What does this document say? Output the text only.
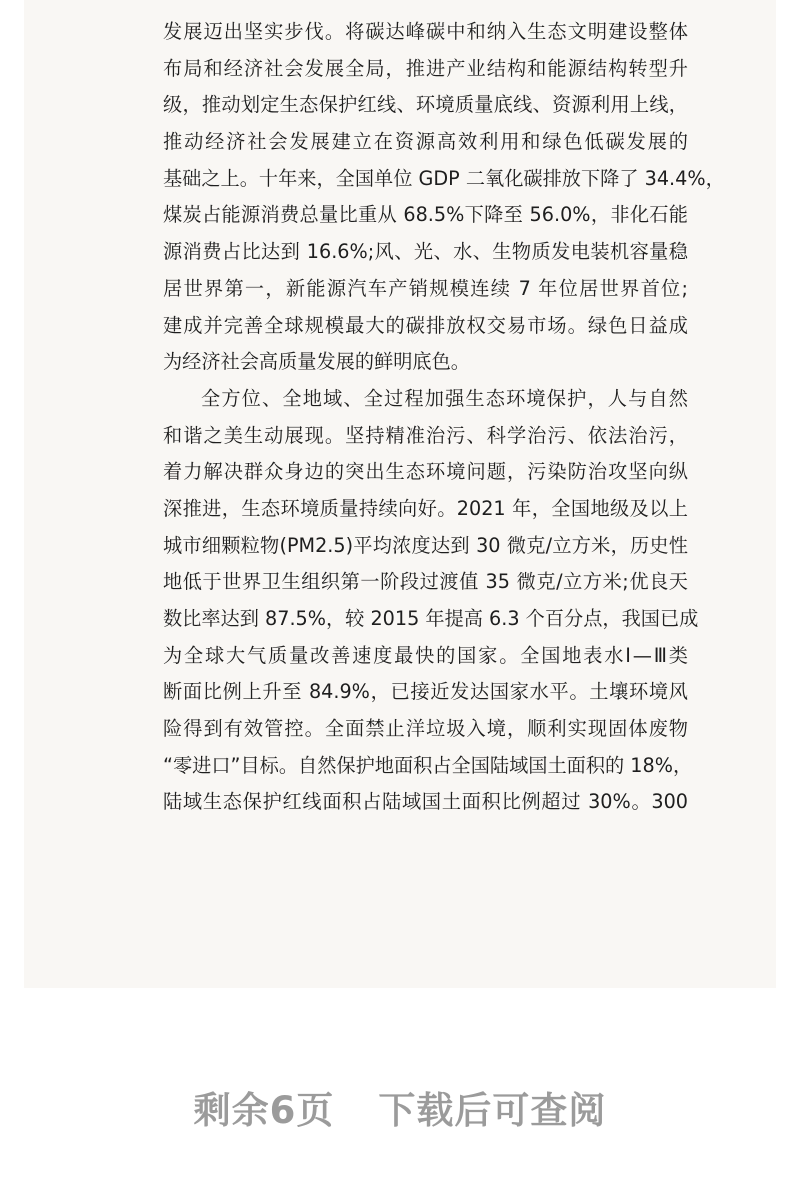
发展迈出坚实步伐。将碳达峰碳中和纳入生态文明建设整体
布局和经济社会发展全局，推进产业结构和能源结构转型升
级，推动划定生态保护红线、环境质量底线、资源利用上线，
推动经济社会发展建立在资源高效利用和绿色低碳发展的
基础之上。十年来，全国单位 GDP 二氧化碳排放下降了 34.4%，
煤炭占能源消费总量比重从 68.5%下降至 56.0%，非化石能
源消费占比达到 16.6%;风、光、水、生物质发电装机容量稳
居世界第一，新能源汽车产销规模连续 7 年位居世界首位;
建成并完善全球规模最大的碳排放权交易市场。绿色日益成
为经济社会高质量发展的鲜明底色。
全方位、全地域、全过程加强生态环境保护，人与自然
和谐之美生动展现。坚持精准治污、科学治污、依法治污，
着力解决群众身边的突出生态环境问题，污染防治攻坚向纵
深推进，生态环境质量持续向好。2021 年，全国地级及以上
城市细颗粒物(PM2.5)平均浓度达到 30 微克/立方米，历史性
地低于世界卫生组织第一阶段过渡值 35 微克/立方米;优良天
数比率达到 87.5%，较 2015 年提高 6.3 个百分点，我国已成
为全球大气质量改善速度最快的国家。全国地表水Ⅰ—Ⅲ类
断面比例上升至 84.9%，已接近发达国家水平。土壤环境风
险得到有效管控。全面禁止洋垃圾入境，顺利实现固体废物
“零进口”目标。自然保护地面积占全国陆域国土面积的 18%，
陆域生态保护红线面积占陆域国土面积比例超过 30%。300
剩余6页 下载后可查阅
